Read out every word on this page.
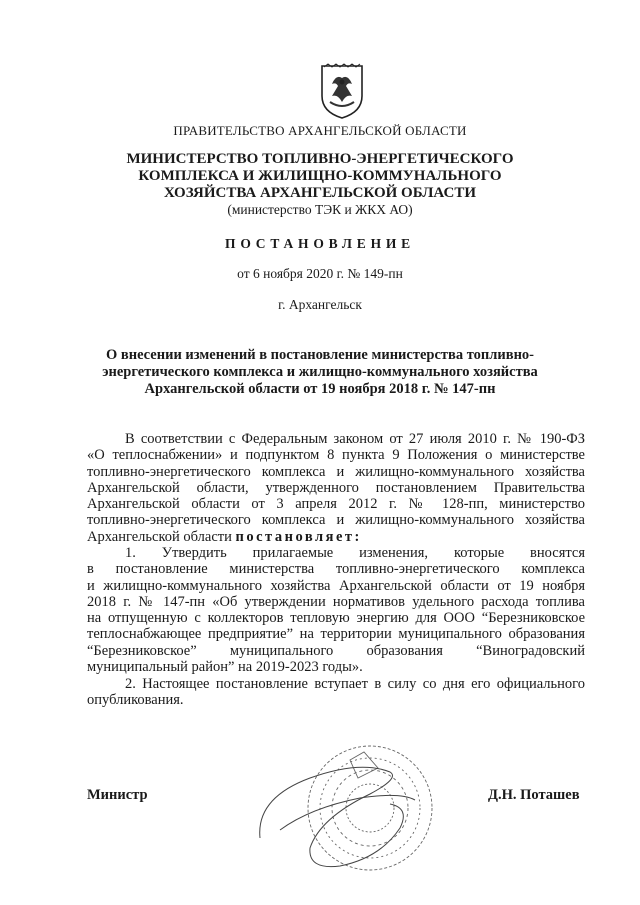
ПРАВИТЕЛЬСТВО АРХАНГЕЛЬСКОЙ ОБЛАСТИ
МИНИСТЕРСТВО ТОПЛИВНО-ЭНЕРГЕТИЧЕСКОГО
КОМПЛЕКСА И ЖИЛИЩНО-КОММУНАЛЬНОГО
ХОЗЯЙСТВА АРХАНГЕЛЬСКОЙ ОБЛАСТИ
(министерство ТЭК и ЖКХ АО)
ПОСТАНОВЛЕНИЕ
от 6 ноября 2020 г. № 149-пн
г. Архангельск
О внесении изменений в постановление министерства топливно-
энергетического комплекса и жилищно-коммунального хозяйства
Архангельской области от 19 ноября 2018 г. № 147-пн
В соответствии с Федеральным законом от 27 июля 2010 г. № 190-ФЗ
«О теплоснабжении» и подпунктом 8 пункта 9 Положения о министерстве
топливно-энергетического комплекса и жилищно-коммунального хозяйства
Архангельской области, утвержденного постановлением Правительства
Архангельской области от 3 апреля 2012 г. № 128-пп, министерство
топливно-энергетического комплекса и жилищно-коммунального хозяйства
Архангельской области постановляет:
1. Утвердить прилагаемые изменения, которые вносятся
в постановление министерства топливно-энергетического комплекса
и жилищно-коммунального хозяйства Архангельской области от 19 ноября
2018 г. № 147-пн «Об утверждении нормативов удельного расхода топлива
на отпущенную с коллекторов тепловую энергию для ООО “Березниковское
теплоснабжающее предприятие” на территории муниципального образования
“Березниковское” муниципального образования “Виноградовский
муниципальный район” на 2019-2023 годы».
2. Настоящее постановление вступает в силу со дня его официального
опубликования.
Министр	Д.Н. Поташев
